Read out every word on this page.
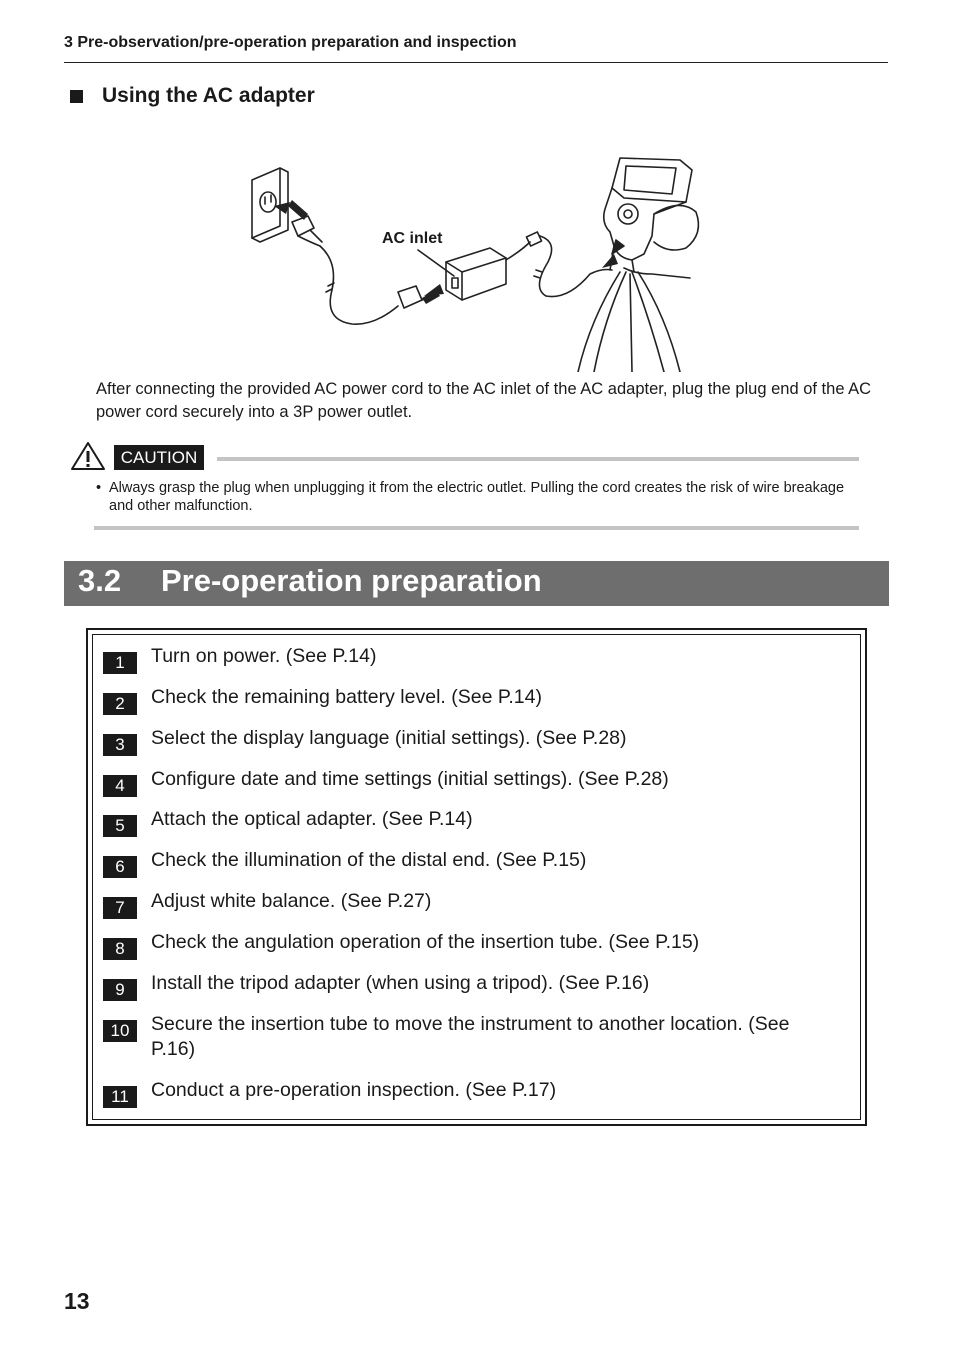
3 Pre-observation/pre-operation preparation and inspection
Using the AC adapter
AC inlet
After connecting the provided AC power cord to the AC inlet of the AC adapter, plug the plug end of the AC power cord securely into a 3P power outlet.
CAUTION
• Always grasp the plug when unplugging it from the electric outlet. Pulling the cord creates the risk of wire breakage and other malfunction.
3.2 Pre-operation preparation
1	Turn on power. (See P.14)
2	Check the remaining battery level. (See P.14)
3	Select the display language (initial settings). (See P.28)
4	Configure date and time settings (initial settings). (See P.28)
5	Attach the optical adapter. (See P.14)
6	Check the illumination of the distal end. (See P.15)
7	Adjust white balance. (See P.27)
8	Check the angulation operation of the insertion tube. (See P.15)
9	Install the tripod adapter (when using a tripod). (See P.16)
10	Secure the insertion tube to move the instrument to another location. (See P.16)
11	Conduct a pre-operation inspection. (See P.17)
13
